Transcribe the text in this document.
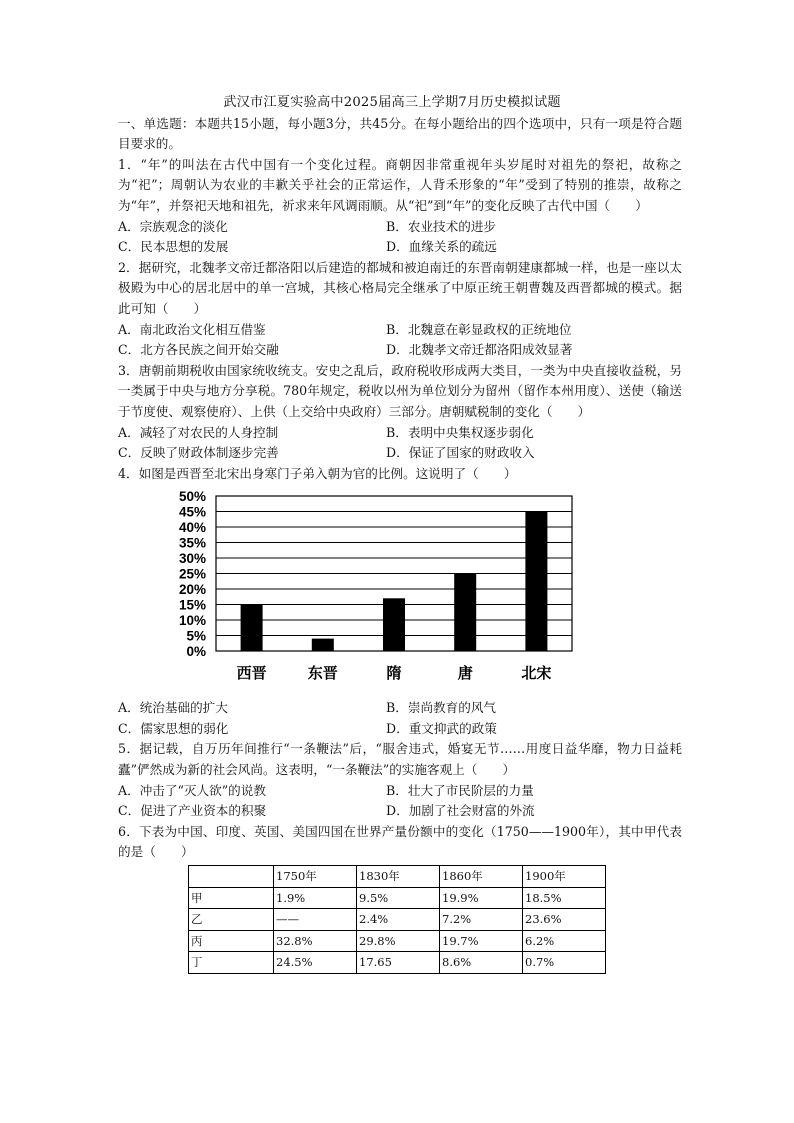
武汉市江夏实验高中2025届高三上学期7月历史模拟试题
一、单选题：本题共15小题，每小题3分，共45分。在每小题给出的四个选项中，只有一项是符合题目要求的。
1．“年”的叫法在古代中国有一个变化过程。商朝因非常重视年头岁尾时对祖先的祭祀，故称之为“祀”；周朝认为农业的丰歉关乎社会的正常运作，人背禾形象的“年”受到了特别的推崇，故称之为“年”，并祭祀天地和祖先，祈求来年风调雨顺。从“祀”到“年”的变化反映了古代中国（　　）
A．宗族观念的淡化	B．农业技术的进步
C．民本思想的发展	D．血缘关系的疏远
2．据研究，北魏孝文帝迁都洛阳以后建造的都城和被迫南迁的东晋南朝建康都城一样，也是一座以太极殿为中心的居北居中的单一宫城，其核心格局完全继承了中原正统王朝曹魏及西晋都城的模式。据此可知（　　）
A．南北政治文化相互借鉴	B．北魏意在彰显政权的正统地位
C．北方各民族之间开始交融	D．北魏孝文帝迁都洛阳成效显著
3．唐朝前期税收由国家统收统支。安史之乱后，政府税收形成两大类目，一类为中央直接收益税，另一类属于中央与地方分享税。780年规定，税收以州为单位划分为留州（留作本州用度）、送使（输送于节度使、观察使府）、上供（上交给中央政府）三部分。唐朝赋税制的变化（　　）
A．减轻了对农民的人身控制	B．表明中央集权逐步弱化
C．反映了财政体制逐步完善	D．保证了国家的财政收入
4．如图是西晋至北宋出身寒门子弟入朝为官的比例。这说明了（　　）
0%
5%
10%
15%
20%
25%
30%
35%
40%
45%
50%
西晋	东晋	隋	唐	北宋
A．统治基础的扩大	B．崇尚教育的风气
C．儒家思想的弱化	D．重文抑武的政策
5．据记载，自万历年间推行“一条鞭法”后，“服舍违式，婚宴无节……用度日益华靡，物力日益耗蠹”俨然成为新的社会风尚。这表明，“一条鞭法”的实施客观上（　　）
A．冲击了“灭人欲”的说教	B．壮大了市民阶层的力量
C．促进了产业资本的积聚	D．加剧了社会财富的外流
6．下表为中国、印度、英国、美国四国在世界产量份额中的变化（1750——1900年），其中甲代表的是（　　）
	1750年	1830年	1860年	1900年
甲	1.9%	9.5%	19.9%	18.5%
乙	——	2.4%	7.2%	23.6%
丙	32.8%	29.8%	19.7%	6.2%
丁	24.5%	17.65	8.6%	0.7%
